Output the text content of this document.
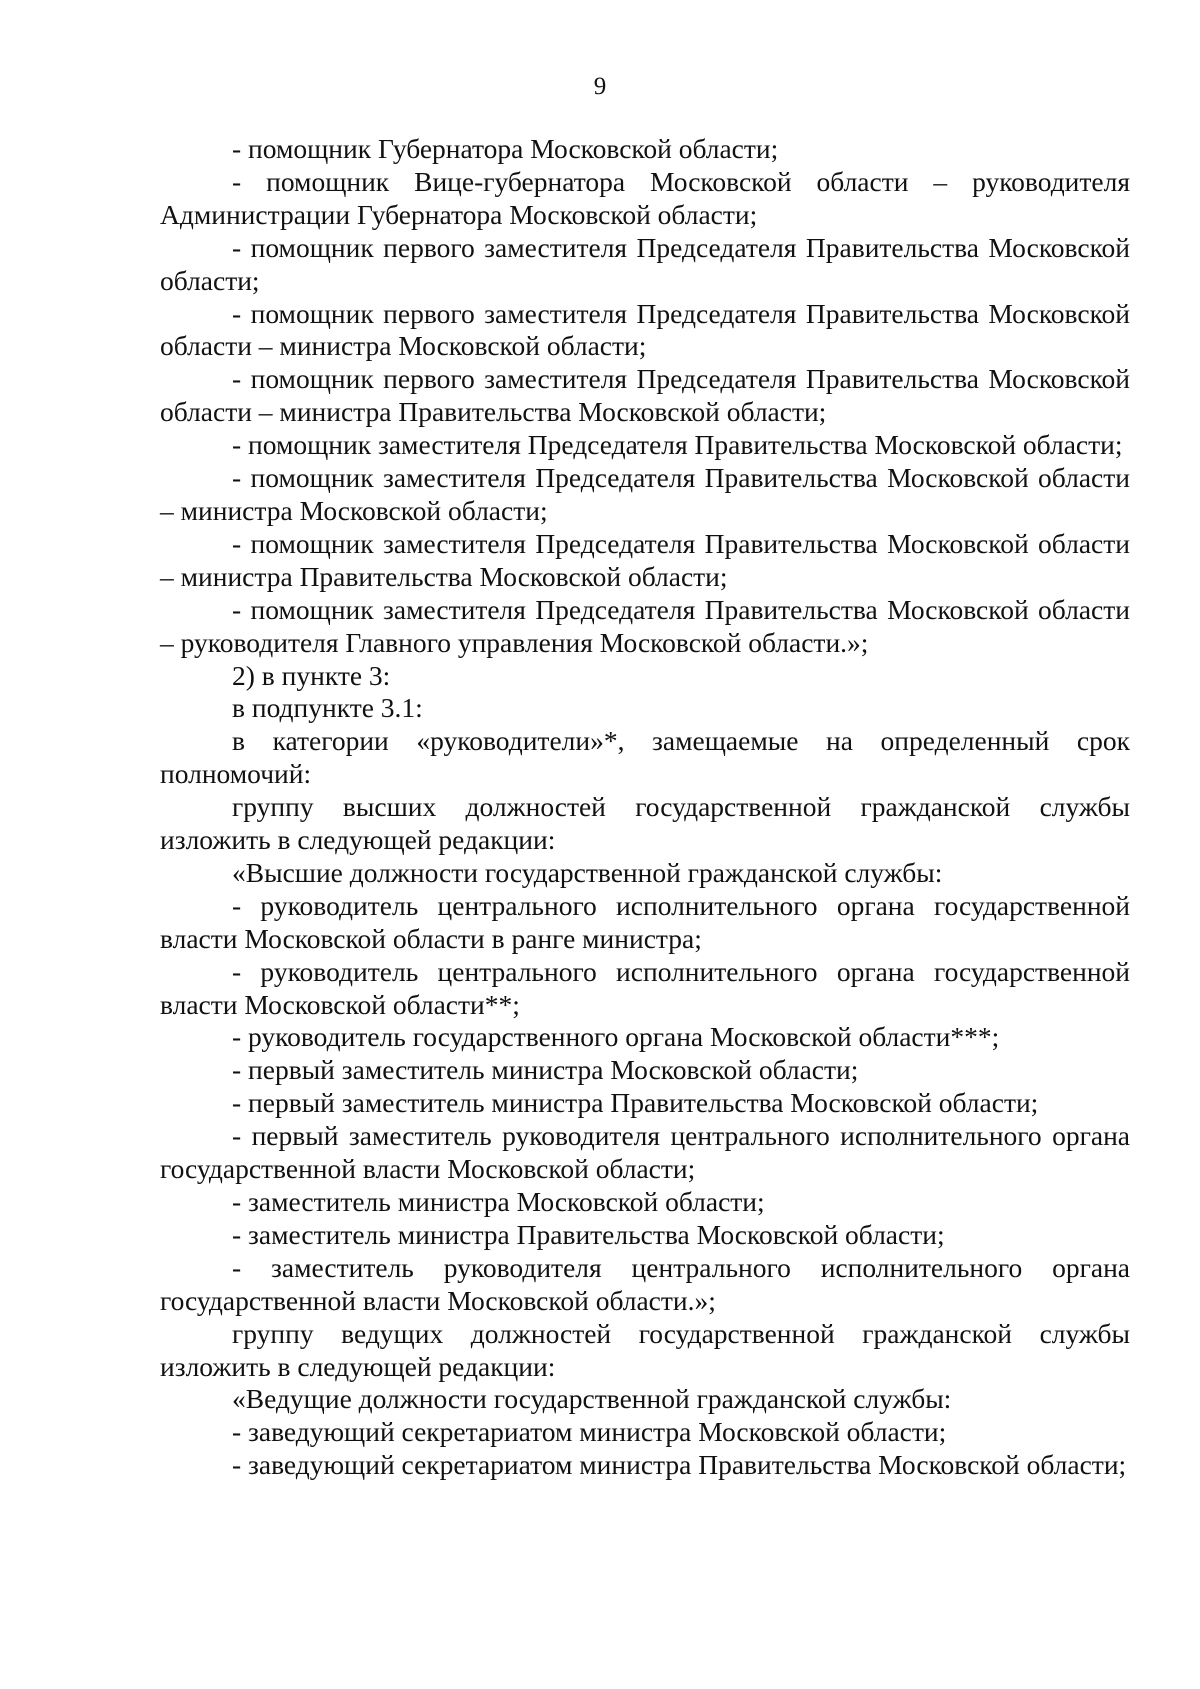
9

- помощник Губернатора Московской области;

- помощник Вице-губернатора Московской области – руководителя Администрации Губернатора Московской области;

- помощник первого заместителя Председателя Правительства Московской области;

- помощник первого заместителя Председателя Правительства Московской области – министра Московской области;

- помощник первого заместителя Председателя Правительства Московской области – министра Правительства Московской области;

- помощник заместителя Председателя Правительства Московской области;

- помощник заместителя Председателя Правительства Московской области – министра Московской области;

- помощник заместителя Председателя Правительства Московской области – министра Правительства Московской области;

- помощник заместителя Председателя Правительства Московской области – руководителя Главного управления Московской области.»;

2) в пункте 3:

в подпункте 3.1:

в категории «руководители»*, замещаемые на определенный срок полномочий:

группу высших должностей государственной гражданской службы изложить в следующей редакции:

«Высшие должности государственной гражданской службы:

- руководитель центрального исполнительного органа государственной власти Московской области в ранге министра;

- руководитель центрального исполнительного органа государственной власти Московской области**;

- руководитель государственного органа Московской области***;

- первый заместитель министра Московской области;

- первый заместитель министра Правительства Московской области;

- первый заместитель руководителя центрального исполнительного органа государственной власти Московской области;

- заместитель министра Московской области;

- заместитель министра Правительства Московской области;

- заместитель руководителя центрального исполнительного органа государственной власти Московской области.»;

группу ведущих должностей государственной гражданской службы изложить в следующей редакции:

«Ведущие должности государственной гражданской службы:

- заведующий секретариатом министра Московской области;

- заведующий секретариатом министра Правительства Московской области;
